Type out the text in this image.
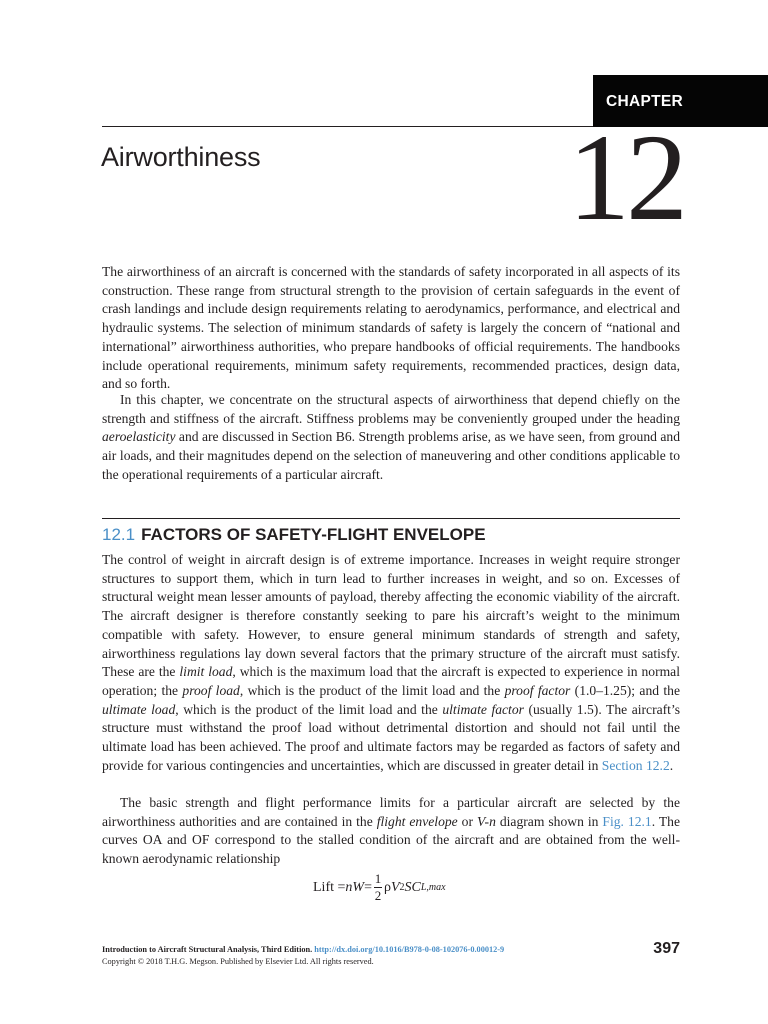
CHAPTER
Airworthiness 12

The airworthiness of an aircraft is concerned with the standards of safety incorporated in all aspects of its construction. These range from structural strength to the provision of certain safeguards in the event of crash landings and include design requirements relating to aerodynamics, performance, and electrical and hydraulic systems. The selection of minimum standards of safety is largely the concern of “national and international” airworthiness authorities, who prepare handbooks of official requirements. The handbooks include operational requirements, minimum safety requirements, recommended practices, design data, and so forth.

In this chapter, we concentrate on the structural aspects of airworthiness that depend chiefly on the strength and stiffness of the aircraft. Stiffness problems may be conveniently grouped under the heading aeroelasticity and are discussed in Section B6. Strength problems arise, as we have seen, from ground and air loads, and their magnitudes depend on the selection of maneuvering and other conditions applicable to the operational requirements of a particular aircraft.

12.1 FACTORS OF SAFETY-FLIGHT ENVELOPE

The control of weight in aircraft design is of extreme importance. Increases in weight require stronger structures to support them, which in turn lead to further increases in weight, and so on. Excesses of structural weight mean lesser amounts of payload, thereby affecting the economic viability of the aircraft. The aircraft designer is therefore constantly seeking to pare his aircraft’s weight to the minimum compatible with safety. However, to ensure general minimum standards of strength and safety, airworthiness regulations lay down several factors that the primary structure of the aircraft must satisfy. These are the limit load, which is the maximum load that the aircraft is expected to experience in normal operation; the proof load, which is the product of the limit load and the proof factor (1.0–1.25); and the ultimate load, which is the product of the limit load and the ultimate factor (usually 1.5). The aircraft’s structure must withstand the proof load without detrimental distortion and should not fail until the ultimate load has been achieved. The proof and ultimate factors may be regarded as factors of safety and provide for various contingencies and uncertainties, which are discussed in greater detail in Section 12.2.

The basic strength and flight performance limits for a particular aircraft are selected by the airworthiness authorities and are contained in the flight envelope or V-n diagram shown in Fig. 12.1. The curves OA and OF correspond to the stalled condition of the aircraft and are obtained from the well-known aerodynamic relationship

Lift = n $W = \frac{1}{2}$ ρ V 2 S C L,max
Introduction to Aircraft Structural Analysis, Third Edition. http://dx.doi.org/10.1016/B978-0-08-102076-0.00012-9
Copyright © 2018 T.H.G. Megson. Published by Elsevier Ltd. All rights reserved.
397
